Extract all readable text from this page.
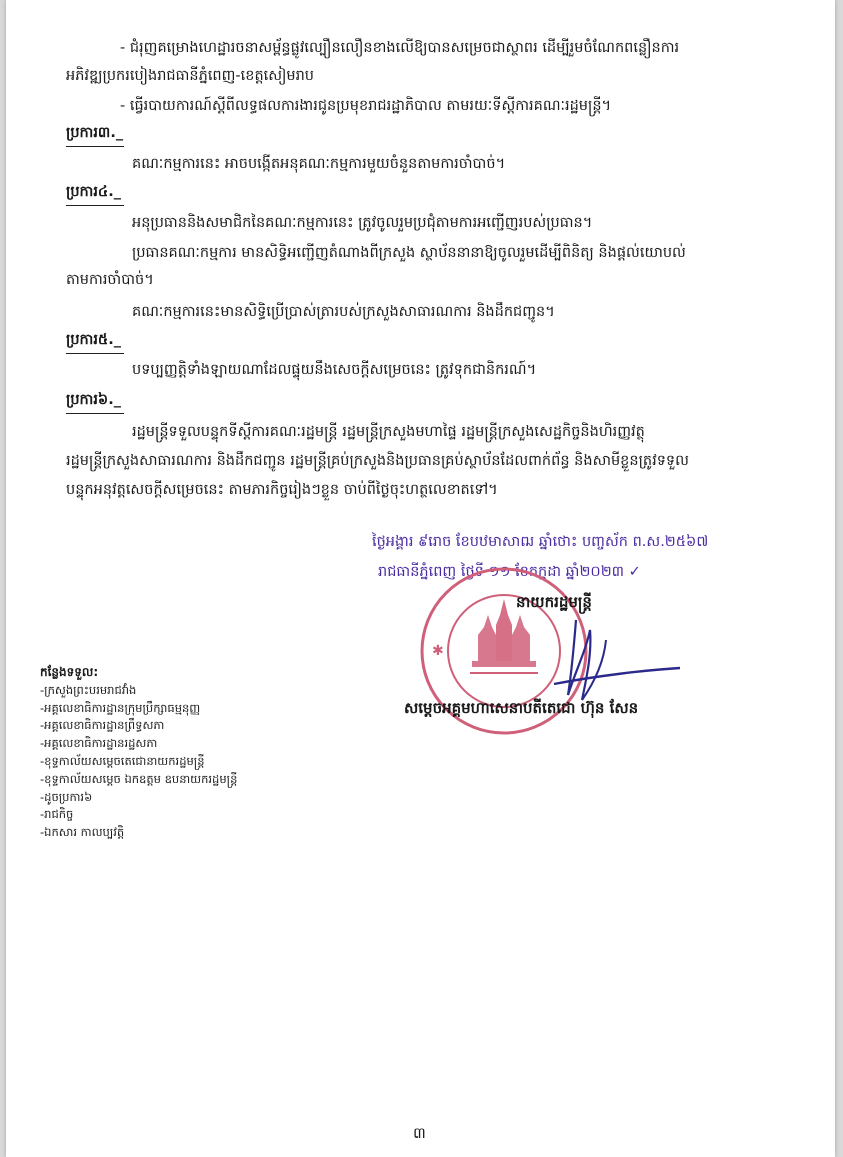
- ជំរុញគម្រោងហេដ្ឋារចនាសម្ព័ន្ធផ្លូវល្បឿនលឿនខាងលើឱ្យបានសម្រេចជាស្ថាពរ ដើម្បីរួមចំណែកពន្លឿនការ
អភិវឌ្ឍប្រករបៀងរាជធានីភ្នំពេញ-ខេត្តសៀមរាប
- ធ្វើរបាយការណ៍ស្តីពីលទ្ធផលការងារជូនប្រមុខរាជរដ្ឋាភិបាល តាមរយៈទីស្តីការគណៈរដ្ឋមន្ត្រី។
ប្រការ៣._
គណៈកម្មការនេះ អាចបង្កើតអនុគណៈកម្មការមួយចំនួនតាមការចាំបាច់។
ប្រការ៤._
អនុប្រធាននិងសមាជិកនៃគណៈកម្មការនេះ ត្រូវចូលរួមប្រជុំតាមការអញ្ជើញរបស់ប្រធាន។
ប្រធានគណៈកម្មការ មានសិទ្ធិអញ្ជើញតំណាងពីក្រសួង ស្ថាប័ននានាឱ្យចូលរួមដើម្បីពិនិត្យ និងផ្តល់យោបល់
តាមការចាំបាច់។
គណៈកម្មការនេះមានសិទ្ធិប្រើប្រាស់ត្រារបស់ក្រសួងសាធារណការ និងដឹកជញ្ជូន។
ប្រការ៥._
បទប្បញ្ញត្តិទាំងឡាយណាដែលផ្ទុយនឹងសេចក្តីសម្រេចនេះ ត្រូវទុកជានិករណ៍។
ប្រការ៦._
រដ្ឋមន្ត្រីទទួលបន្ទុកទីស្តីការគណៈរដ្ឋមន្ត្រី រដ្ឋមន្ត្រីក្រសួងមហាផ្ទៃ រដ្ឋមន្ត្រីក្រសួងសេដ្ឋកិច្ចនិងហិរញ្ញវត្ថុ
រដ្ឋមន្ត្រីក្រសួងសាធារណការ និងដឹកជញ្ជូន រដ្ឋមន្ត្រីគ្រប់ក្រសួងនិងប្រធានគ្រប់ស្ថាប័នដែលពាក់ព័ន្ធ និងសាមីខ្លួនត្រូវទទួល
បន្ទុកអនុវត្តសេចក្តីសម្រេចនេះ តាមភារកិច្ចរៀងៗខ្លួន ចាប់ពីថ្ងៃចុះហត្ថលេខាតទៅ។
ថ្ងៃអង្គារ ៩រោច ខែបឋមាសាឍ ឆ្នាំថោះ បញ្ចស័ក ព.ស.២៥៦៧
រាជធានីភ្នំពេញ ថ្ងៃទី ១១ ខែកក្កដា ឆ្នាំ២០២៣ ✓
✱
នាយករដ្ឋមន្ត្រី
សម្តេចអគ្គមហាសេនាបតីតេជោ ហ៊ុន សែន
កន្លែងទទួល:
-ក្រសួងព្រះបរមរាជវាំង
-អគ្គលេខាធិការដ្ឋានក្រុមប្រឹក្សាធម្មនុញ្ញ
-អគ្គលេខាធិការដ្ឋានព្រឹទ្ធសភា
-អគ្គលេខាធិការដ្ឋានរដ្ឋសភា
-ខុទ្ទកាល័យសម្តេចតេជោនាយករដ្ឋមន្ត្រី
-ខុទ្ទកាល័យសម្តេច ឯកឧត្តម ឧបនាយករដ្ឋមន្ត្រី
-ដូចប្រការ៦
-រាជកិច្ច
-ឯកសារ កាលប្បវត្តិ
៣
